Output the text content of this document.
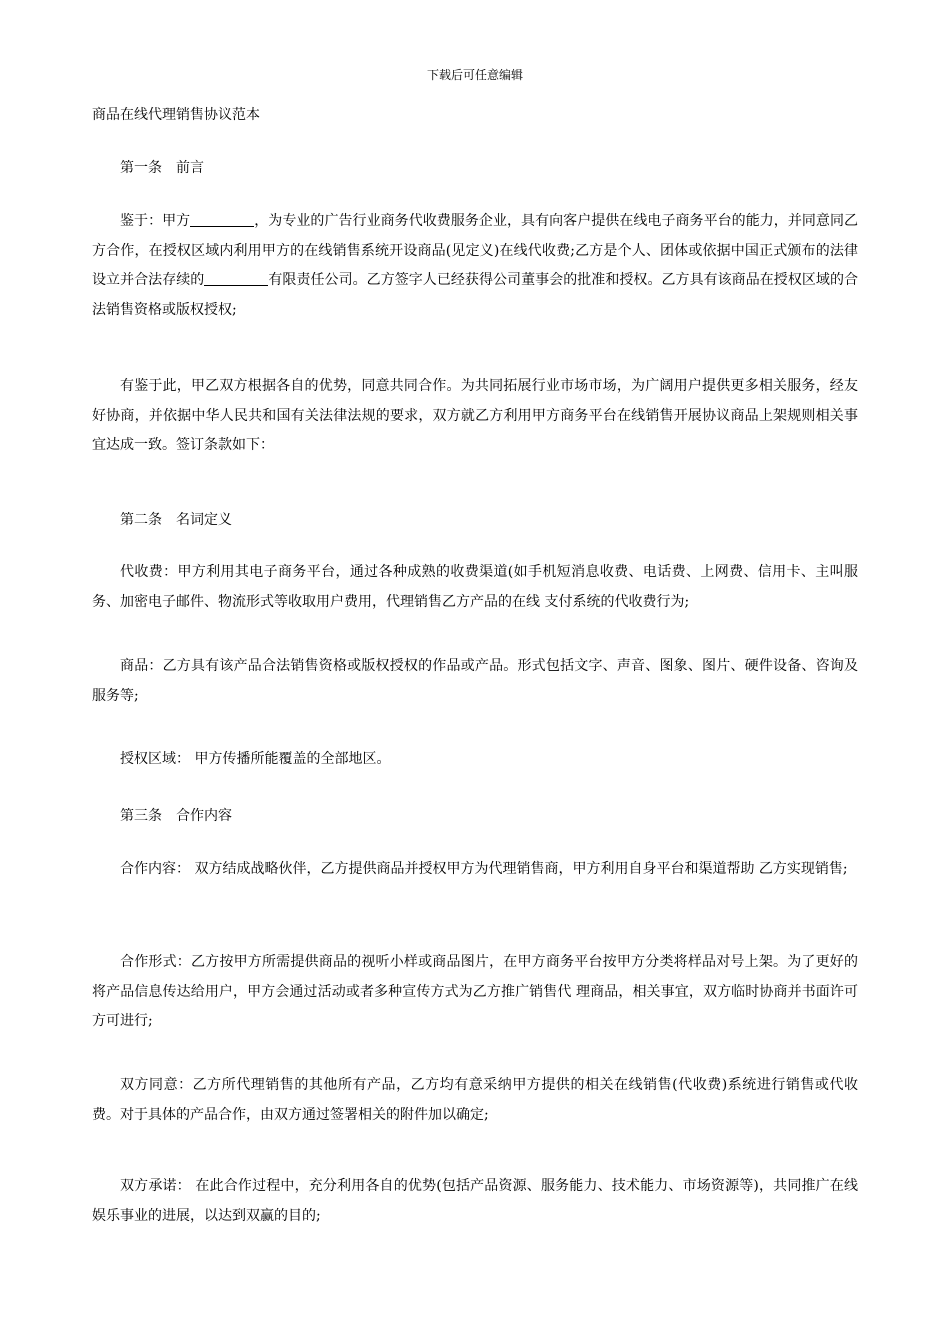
下载后可任意编辑
商品在线代理销售协议范本
第一条 前言

鉴于：甲方	，为专业的广告行业商务代收费服务企业，具有向客户提供在线电子商务平台的能力，并同意同乙方合作，在授权区域内利用甲方的在线销售系统开设商品(见定义)在线代收费;乙方是个人、团体或依据中国正式颁布的法律设立并合法存续的	有限责任公司。乙方签字人已经获得公司董事会的批准和授权。乙方具有该商品在授权区域的合法销售资格或版权授权;

有鉴于此，甲乙双方根据各自的优势，同意共同合作。为共同拓展行业市场市场，为广阔用户提供更多相关服务，经友好协商，并依据中华人民共和国有关法律法规的要求，双方就乙方利用甲方商务平台在线销售开展协议商品上架规则相关事宜达成一致。签订条款如下：

第二条 名词定义

代收费：甲方利用其电子商务平台，通过各种成熟的收费渠道(如手机短消息收费、电话费、上网费、信用卡、主叫服务、加密电子邮件、物流形式等收取用户费用，代理销售乙方产品的在线 支付系统的代收费行为;

商品：乙方具有该产品合法销售资格或版权授权的作品或产品。形式包括文字、声音、图象、图片、硬件设备、咨询及服务等;

授权区域： 甲方传播所能覆盖的全部地区。

第三条 合作内容

合作内容： 双方结成战略伙伴，乙方提供商品并授权甲方为代理销售商，甲方利用自身平台和渠道帮助 乙方实现销售;

合作形式：乙方按甲方所需提供商品的视听小样或商品图片，在甲方商务平台按甲方分类将样品对号上架。为了更好的将产品信息传达给用户，甲方会通过活动或者多种宣传方式为乙方推广销售代 理商品，相关事宜，双方临时协商并书面许可方可进行;

双方同意：乙方所代理销售的其他所有产品，乙方均有意采纳甲方提供的相关在线销售(代收费)系统进行销售或代收费。对于具体的产品合作，由双方通过签署相关的附件加以确定;

双方承诺： 在此合作过程中，充分利用各自的优势(包括产品资源、服务能力、技术能力、市场资源等)，共同推广在线娱乐事业的进展，以达到双赢的目的;
